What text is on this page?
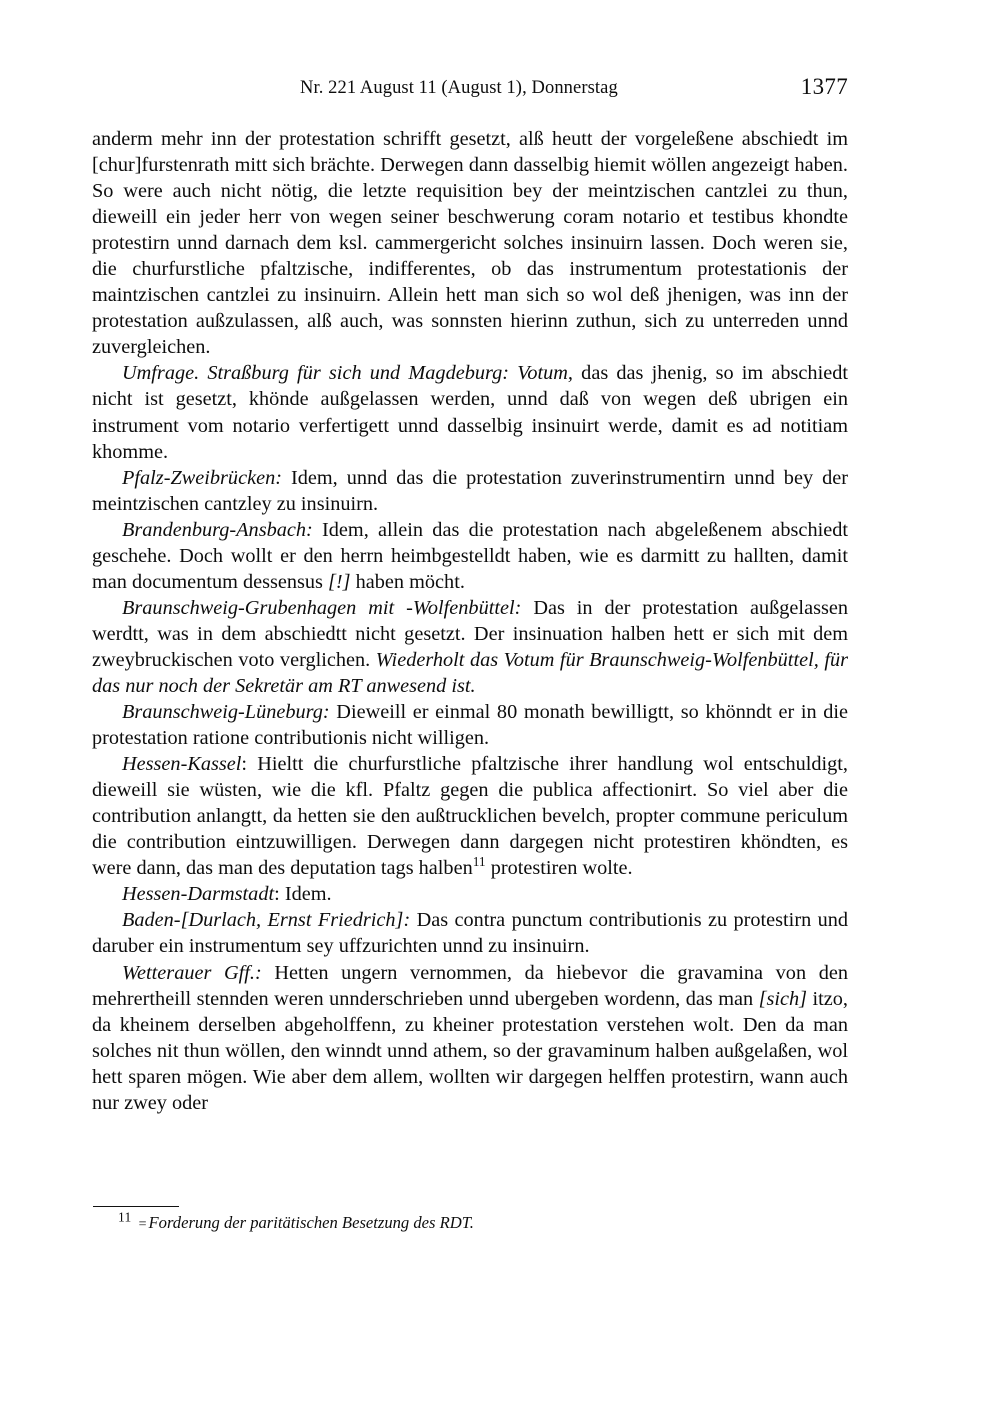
Nr. 221 August 11 (August 1), Donnerstag	1377

anderm mehr inn der protestation schrifft gesetzt, alß heutt der vorgeleßene abschiedt im [chur]furstenrath mitt sich brächte. Derwegen dann dasselbig hiemit wöllen angezeigt haben. So were auch nicht nötig, die letzte requisition bey der meintzischen cantzlei zu thun, dieweill ein jeder herr von wegen seiner beschwerung coram notario et testibus khondte protestirn unnd darnach dem ksl. cammergericht solches insinuirn lassen. Doch weren sie, die churfurstliche pfaltzische, indifferentes, ob das instrumentum protestationis der maintzischen cantzlei zu insinuirn. Allein hett man sich so wol deß jhenigen, was inn der protestation außzulassen, alß auch, was sonnsten hierinn zuthun, sich zu unterreden unnd zuvergleichen.

Umfrage. Straßburg für sich und Magdeburg: Votum, das das jhenig, so im abschiedt nicht ist gesetzt, khönde außgelassen werden, unnd daß von wegen deß ubrigen ein instrument vom notario verfertigett unnd dasselbig insinuirt werde, damit es ad notitiam khomme.

Pfalz-Zweibrücken: Idem, unnd das die protestation zuverinstrumentirn unnd bey der meintzischen cantzley zu insinuirn.

Brandenburg-Ansbach: Idem, allein das die protestation nach abgeleßenem abschiedt geschehe. Doch wollt er den herrn heimbgestelldt haben, wie es darmitt zu hallten, damit man documentum dessensus [!] haben möcht.

Braunschweig-Grubenhagen mit -Wolfenbüttel: Das in der protestation außgelassen werdtt, was in dem abschiedtt nicht gesetzt. Der insinuation halben hett er sich mit dem zweybruckischen voto verglichen. Wiederholt das Votum für Braunschweig-Wolfenbüttel, für das nur noch der Sekretär am RT anwesend ist.

Braunschweig-Lüneburg: Dieweill er einmal 80 monath bewilligtt, so khönndt er in die protestation ratione contributionis nicht willigen.

Hessen-Kassel: Hieltt die churfurstliche pfaltzische ihrer handlung wol entschuldigt, dieweill sie wüsten, wie die kfl. Pfaltz gegen die publica affectionirt. So viel aber die contribution anlangtt, da hetten sie den außtrucklichen bevelch, propter commune periculum die contribution eintzuwilligen. Derwegen dann dargegen nicht protestiren khöndten, es were dann, das man des deputation tags halben$^{11}$ protestiren wolte.

Hessen-Darmstadt: Idem.

Baden-[Durlach, Ernst Friedrich]: Das contra punctum contributionis zu protestirn und daruber ein instrumentum sey uffzurichten unnd zu insinuirn.

Wetterauer Gff.: Hetten ungern vernommen, da hiebevor die gravamina von den mehrertheill stennden weren unnderschrieben unnd ubergeben wordenn, das man [sich] itzo, da kheinem derselben abgeholffenn, zu kheiner protestation verstehen wolt. Den da man solches nit thun wöllen, den winndt unnd athem, so der gravaminum halben außgelaßen, wol hett sparen mögen. Wie aber dem allem, wollten wir dargegen helffen protestirn, wann auch nur zwey oder

$^{11}$= Forderung der paritätischen Besetzung des RDT.
